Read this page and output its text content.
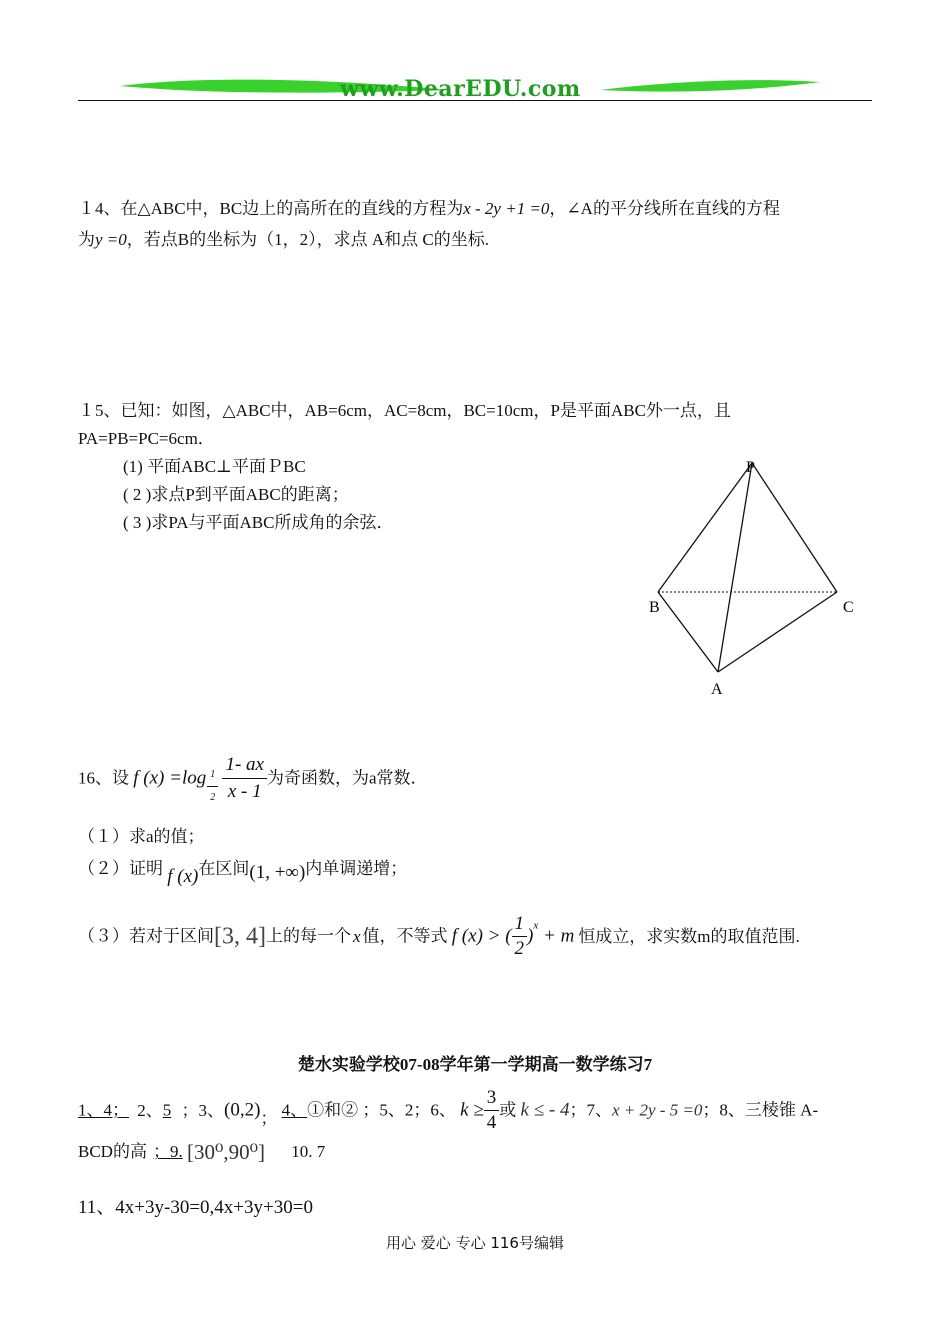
www.DearEDU.com
１4、在△ABC中，BC边上的高所在的直线的方程为x - 2y +1 =0，∠A的平分线所在直线的方程
为y =0，若点B的坐标为（1，2），求点 A和点 C的坐标.
１5、已知：如图，△ABC中，AB=6cm，AC=8cm，BC=10cm，P是平面ABC外一点，且
PA=PB=PC=6cm．
(1) 平面ABC⊥平面ＰBC
( 2 )求点P到平面ABC的距离；
( 3 )求PA与平面ABC所成角的余弦．
P
B	C
A
16、设 f $(x) =\log \frac{1}{2}$
$\frac{1- ax}{x - 1}$ 为奇函数，为a常数．
（１）求a的值；
（２）证明 f (x)在区间(1, +∞)内单调递增；
（３）若对于区间[3, 4]上的每一个 x 值，不等式 f (x) > ( $\frac{1}{2} )^x + m$ 恒成立，求实数m的取值范围.
楚水实验学校07-08学年第一学期高一数学练习7
1、4； 2、5 ；3、(0,2)； 4、①和② ；5、2；6、 $k \ge \frac{3}{4}$ 或 k ≤ - 4；7、x + 2y - 5 =0；8、三棱锥 A-
BCD的高 ；9. [30⁰,90⁰] 10. 7
11、4x+3y-30=0,4x+3y+30=0
用心 爱心 专心 116号编辑
